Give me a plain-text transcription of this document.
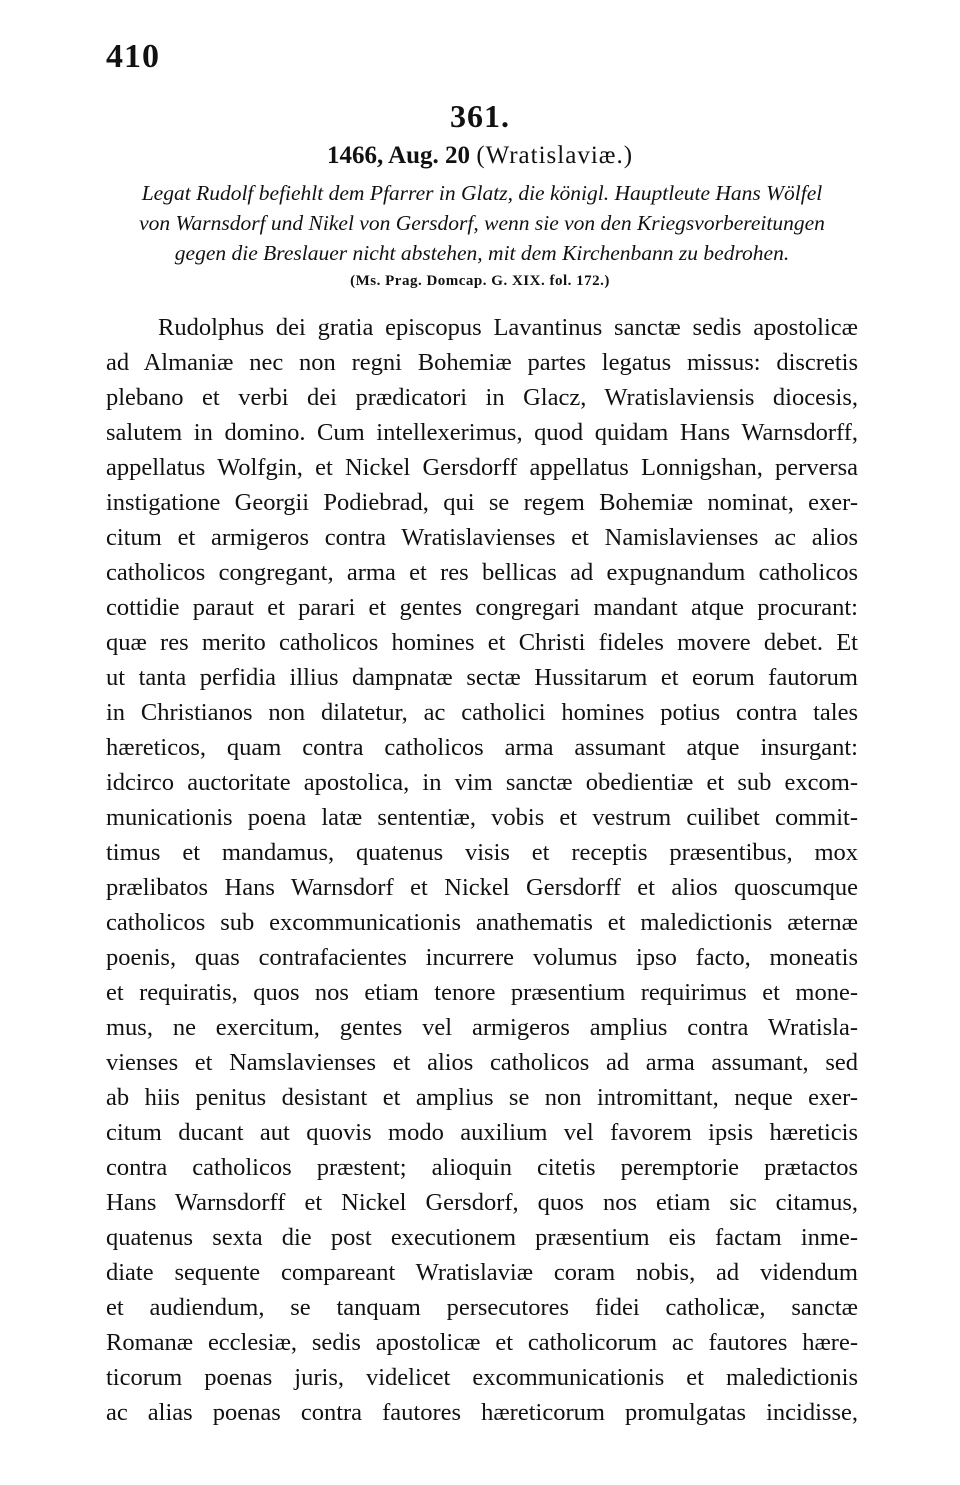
410
361.
1466, Aug. 20 (Wratislaviæ.)
Legat Rudolf befiehlt dem Pfarrer in Glatz, die königl. Hauptleute Hans Wölfel
von Warnsdorf und Nikel von Gersdorf, wenn sie von den Kriegsvorbereitungen
gegen die Breslauer nicht abstehen, mit dem Kirchenbann zu bedrohen.
(Ms. Prag. Domcap. G. XIX. fol. 172.)
Rudolphus dei gratia episcopus Lavantinus sanctæ sedis apostolicæ
ad Almaniæ nec non regni Bohemiæ partes legatus missus: discretis
plebano et verbi dei prædicatori in Glacz, Wratislaviensis diocesis,
salutem in domino. Cum intellexerimus, quod quidam Hans Warnsdorff,
appellatus Wolfgin, et Nickel Gersdorff appellatus Lonnigshan, perversa
instigatione Georgii Podiebrad, qui se regem Bohemiæ nominat, exer-
citum et armigeros contra Wratislavienses et Namislavienses ac alios
catholicos congregant, arma et res bellicas ad expugnandum catholicos
cottidie paraut et parari et gentes congregari mandant atque procurant:
quæ res merito catholicos homines et Christi fideles movere debet. Et
ut tanta perfidia illius dampnatæ sectæ Hussitarum et eorum fautorum
in Christianos non dilatetur, ac catholici homines potius contra tales
hæreticos, quam contra catholicos arma assumant atque insurgant:
idcirco auctoritate apostolica, in vim sanctæ obedientiæ et sub excom-
municationis poena latæ sententiæ, vobis et vestrum cuilibet commit-
timus et mandamus, quatenus visis et receptis præsentibus, mox
prælibatos Hans Warnsdorf et Nickel Gersdorff et alios quoscumque
catholicos sub excommunicationis anathematis et maledictionis æternæ
poenis, quas contrafacientes incurrere volumus ipso facto, moneatis
et requiratis, quos nos etiam tenore præsentium requirimus et mone-
mus, ne exercitum, gentes vel armigeros amplius contra Wratisla-
vienses et Namslavienses et alios catholicos ad arma assumant, sed
ab hiis penitus desistant et amplius se non intromittant, neque exer-
citum ducant aut quovis modo auxilium vel favorem ipsis hæreticis
contra catholicos præstent; alioquin citetis peremptorie prætactos
Hans Warnsdorff et Nickel Gersdorf, quos nos etiam sic citamus,
quatenus sexta die post executionem præsentium eis factam inme-
diate sequente compareant Wratislaviæ coram nobis, ad videndum
et audiendum, se tanquam persecutores fidei catholicæ, sanctæ
Romanæ ecclesiæ, sedis apostolicæ et catholicorum ac fautores hære-
ticorum poenas juris, videlicet excommunicationis et maledictionis
ac alias poenas contra fautores hæreticorum promulgatas incidisse,
